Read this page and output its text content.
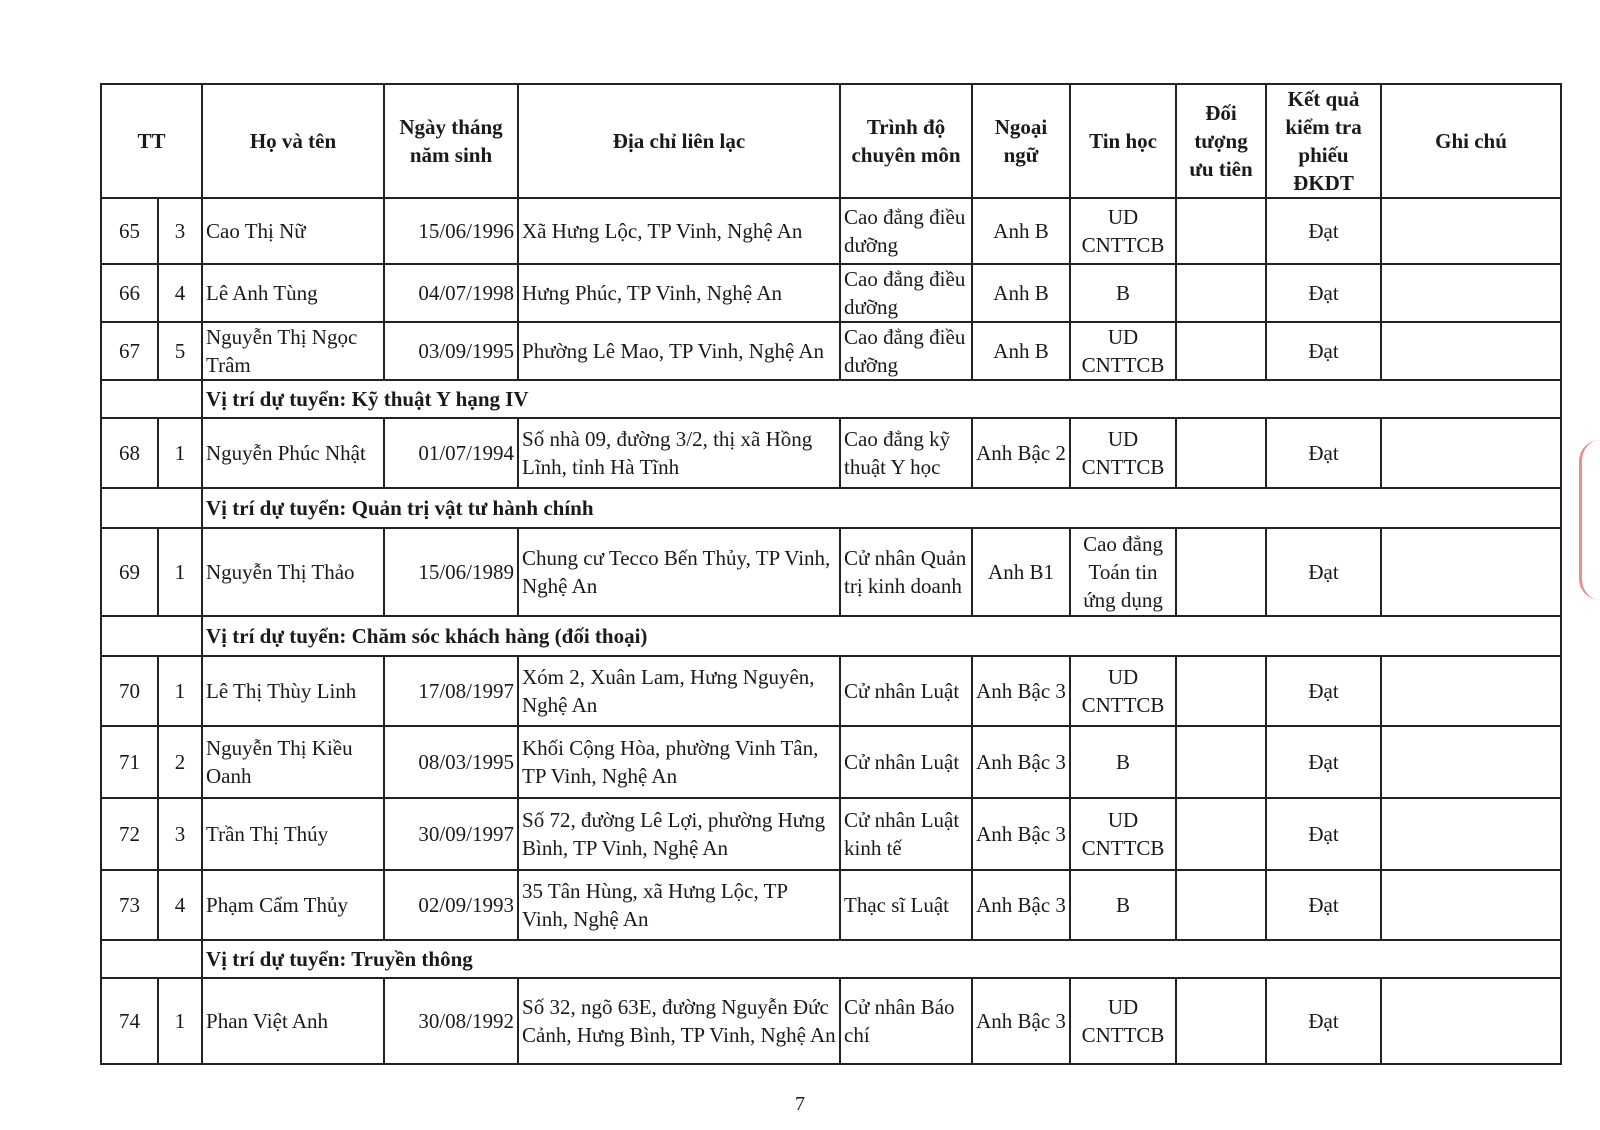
TT		Họ và tên	Ngày tháng năm sinh	Địa chỉ liên lạc	Trình độ chuyên môn	Ngoại ngữ	Tin học	Đối tượng ưu tiên	Kết quả kiểm tra phiếu ĐKDT	Ghi chú
65	3	Cao Thị Nữ	15/06/1996	Xã Hưng Lộc, TP Vinh, Nghệ An	Cao đẳng điều dưỡng	Anh B	UD CNTTCB		Đạt	
66	4	Lê Anh Tùng	04/07/1998	Hưng Phúc, TP Vinh, Nghệ An	Cao đẳng điều dưỡng	Anh B	B		Đạt	
67	5	Nguyễn Thị Ngọc Trâm	03/09/1995	Phường Lê Mao, TP Vinh, Nghệ An	Cao đẳng điều dưỡng	Anh B	UD CNTTCB		Đạt	
		Vị trí dự tuyển: Kỹ thuật Y hạng IV								
68	1	Nguyễn Phúc Nhật	01/07/1994	Số nhà 09, đường 3/2, thị xã Hồng Lĩnh, tỉnh Hà Tĩnh	Cao đẳng kỹ thuật Y học	Anh Bậc 2	UD CNTTCB		Đạt	
		Vị trí dự tuyển: Quản trị vật tư hành chính								
69	1	Nguyễn Thị Thảo	15/06/1989	Chung cư Tecco Bến Thủy, TP Vinh, Nghệ An	Cử nhân Quản trị kinh doanh	Anh B1	Cao đẳng Toán tin ứng dụng		Đạt	
		Vị trí dự tuyển: Chăm sóc khách hàng (đối thoại)								
70	1	Lê Thị Thùy Linh	17/08/1997	Xóm 2, Xuân Lam, Hưng Nguyên, Nghệ An	Cử nhân Luật	Anh Bậc 3	UD CNTTCB		Đạt	
71	2	Nguyễn Thị Kiều Oanh	08/03/1995	Khối Cộng Hòa, phường Vinh Tân, TP Vinh, Nghệ An	Cử nhân Luật	Anh Bậc 3	B		Đạt	
72	3	Trần Thị Thúy	30/09/1997	Số 72, đường Lê Lợi, phường Hưng Bình, TP Vinh, Nghệ An	Cử nhân Luật kinh tế	Anh Bậc 3	UD CNTTCB		Đạt	
73	4	Phạm Cẩm Thủy	02/09/1993	35 Tân Hùng, xã Hưng Lộc, TP Vinh, Nghệ An	Thạc sĩ Luật	Anh Bậc 3	B		Đạt	
		Vị trí dự tuyển: Truyền thông								
74	1	Phan Việt Anh	30/08/1992	Số 32, ngõ 63E, đường Nguyễn Đức Cảnh, Hưng Bình, TP Vinh, Nghệ An	Cử nhân Báo chí	Anh Bậc 3	UD CNTTCB		Đạt	
7
